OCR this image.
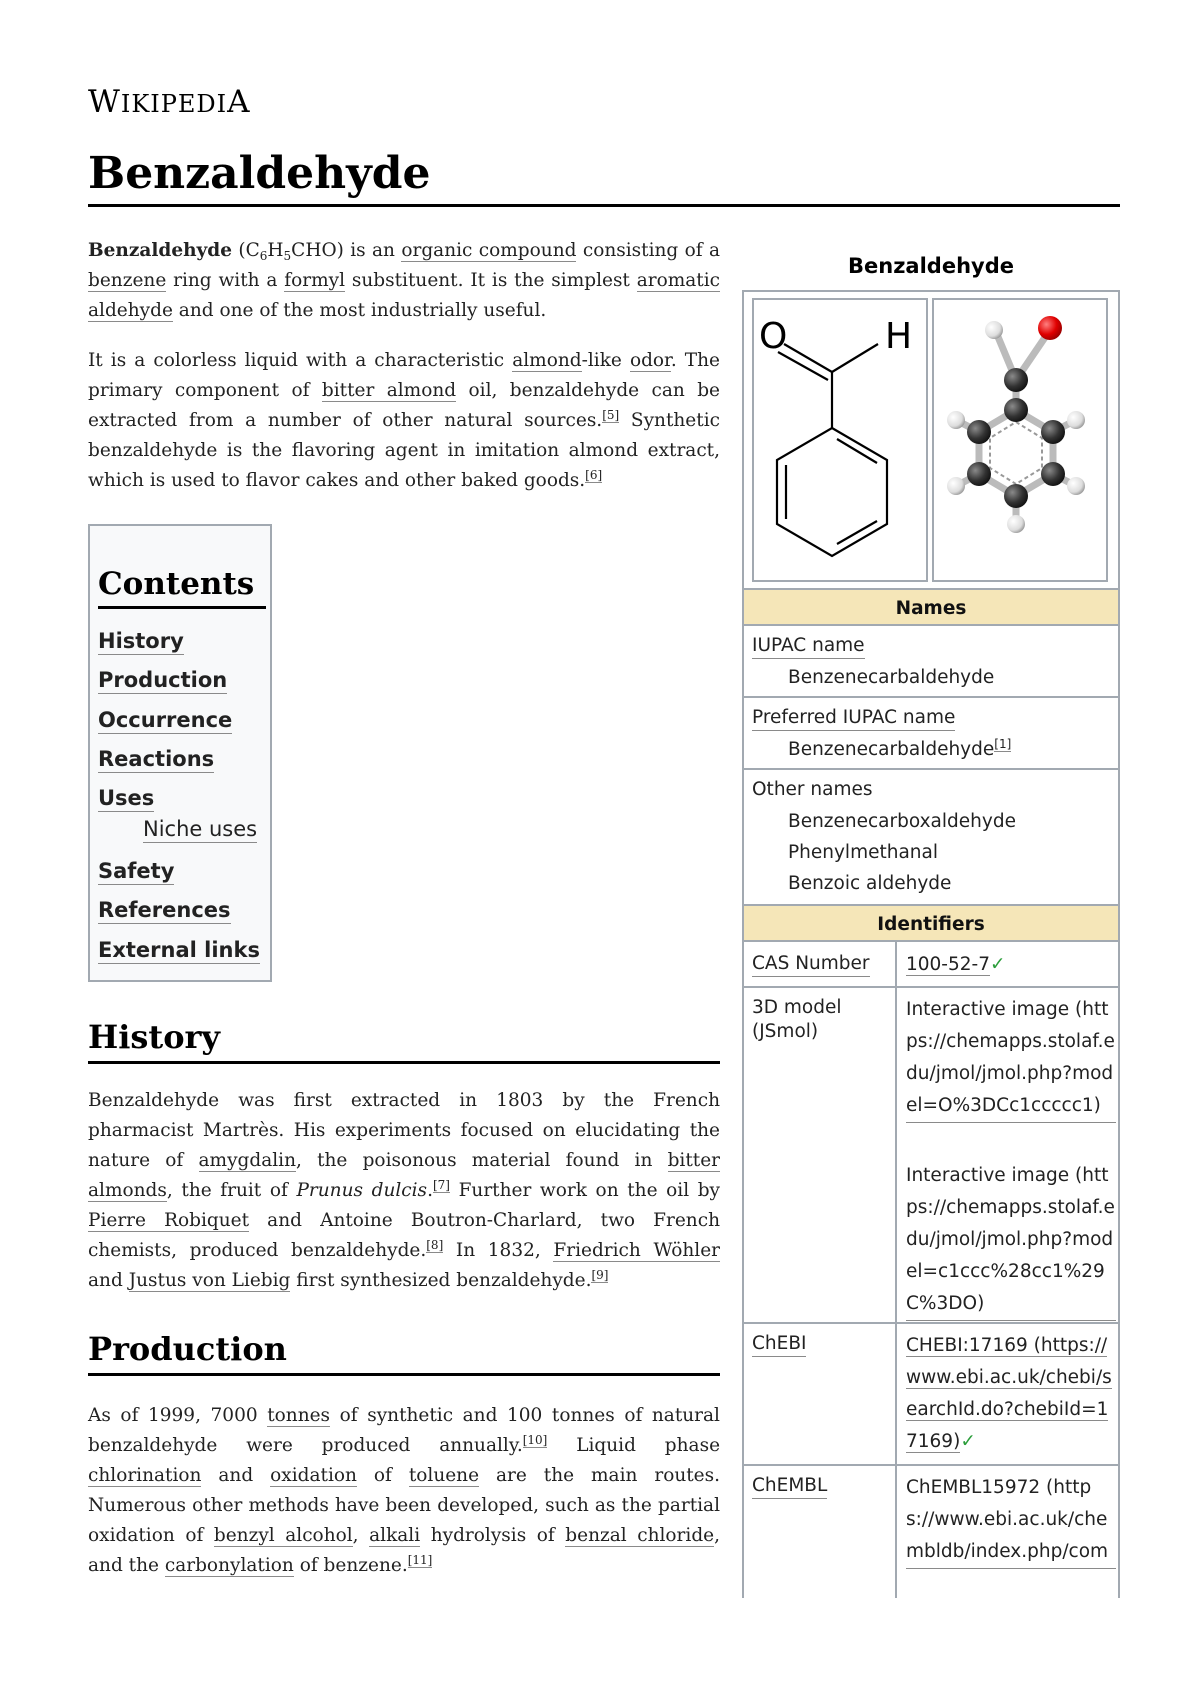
WIKIPEDIA
Benzaldehyde

Benzaldehyde $(C_6H_5CHO)$ is an organic compound consisting of a benzene ring with a formyl substituent. It is the simplest aromatic aldehyde and one of the most industrially useful.

It is a colorless liquid with a characteristic almond-like odor. The primary component of bitter almond oil, benzaldehyde can be extracted from a number of other natural sources.[5] Synthetic benzaldehyde is the flavoring agent in imitation almond extract, which is used to flavor cakes and other baked goods.[6]

Contents
History
Production
Occurrence
Reactions
Uses
Niche uses
Safety
References
External links
History

Benzaldehyde was first extracted in 1803 by the French pharmacist Martrès. His experiments focused on elucidating the nature of amygdalin, the poisonous material found in bitter almonds, the fruit of Prunus dulcis.[7] Further work on the oil by Pierre Robiquet and Antoine Boutron-Charlard, two French chemists, produced benzaldehyde.[8] In 1832, Friedrich Wöhler and Justus von Liebig first synthesized benzaldehyde.[9]

Production

As of 1999, 7000 tonnes of synthetic and 100 tonnes of natural benzaldehyde were produced annually.[10] Liquid phase chlorination and oxidation of toluene are the main routes. Numerous other methods have been developed, such as the partial oxidation of benzyl alcohol, alkali hydrolysis of benzal chloride, and the carbonylation of benzene.[11]

Benzaldehyde
O	H
Names
IUPAC name
Benzenecarbaldehyde
Preferred IUPAC name
Benzenecarbaldehyde[1]
Other names
Benzenecarboxaldehyde
Phenylmethanal
Benzoic aldehyde
Identifiers
CAS Number 100-52-7✓
3D model (JSmol)
Interactive image (https://chemapps.stolaf.edu/jmol/jmol.php?model=O%3DCc1ccccc1)
Interactive image (https://chemapps.stolaf.edu/jmol/jmol.php?model=c1ccc%28cc1%29C%3DO)
ChEBI	CHEBI:17169 (https://www.ebi.ac.uk/chebi/searchId.do?chebiId=17169)✓
ChEMBL	ChEMBL15972 (https://www.ebi.ac.uk/chembldb/index.php/com
